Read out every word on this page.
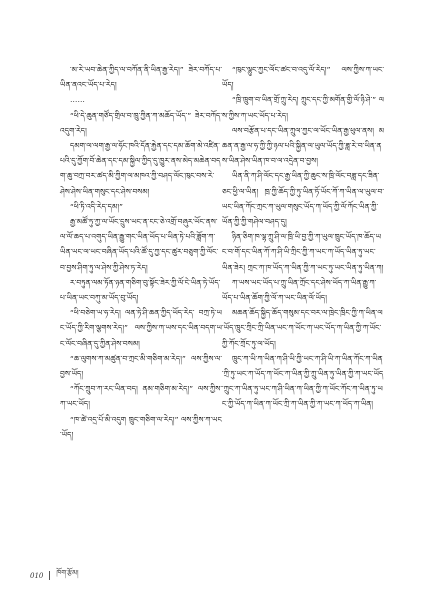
་མ་རེ་ཡབ་ཆེན་ཀྱིད་ལ་བཀོན་ནི་ཡིན་རྒྱ་རེད།” ཟེར་བཀོད་པ་ཡིན་ནའང་ཡོད་པ་རེད།

……

“ཕི་དེ་ཆུན་གཙོད་གྲིལ་བ་ཁྲུ་ཀྱིན་ཀ་མཆོད་ཡོད་” ཟེར་བཀོད་འདུག་རེད།

དམག་ལ་ལག་རྒྱ་ལ་ཧོང་ཁའི་དོན་རྐྱེན་དང་དམ་ཆོག་མེ་འཛིན་པའི་དུ་ཀྱོག་བོ་ཆེན་དང་དམ་སྐྱིལ་ཀྱིད་དུ་ཁྱུར་ནས་མེད་མཆེན་བདག་ཆུ་བཀྲ་བར་ཚད་མི་ཀྱིག་ལ་མཁའ་ཀྱི་བཤད་ལོང་ཁུང་བས་རེ་ཤེས་ཤེས་ཡིན་གསུང་དང་ཤེས་བསམ།

“ཕི་ཏི་འདི་རེད་དམ།”

རྒྱ་མཚོ་ཏུ་ཀྱ་ལ་ཡོང་དྲུས་ཡང་ན་ངང་ཅེ་འགྲོ་བཞུར་ཡོང་ནས་ལ་ལོ་ཆད་པ་འགུད་ཡིན་རྒྱུ་གང་ཡིན་ཡོད་པ་ཡིན་ཏེ་པའི་ཟློག་ཀ་ཡིན་ཡང་ལ་ཡང་བཞིན་ཡོད་པའི་ཚོ་དུ་ཀྱ་དང་ཚུར་བཅུག་ཀྱི་ལོང་བ་བྱས་ཤིག་ཏུ་ལ་ཤེས་ཀྱི་ཤེས་ཏ་རེད།

ར་བཏུན་ལམ་ཏོན་ཉན་གཅིག་བུ་སྟོང་ཟེར་ཀྱི་ལོ་ངེ་ཡིན་ཏེ་ཡོད་པ་ཡིན་ཡང་བཀུ་མ་ཡོད་བུ་ཡོད།

“ཕི་བཅེག་ཡ་ཧ་རེད། ལན་ཏེ་ཤི་ཆན་ཀྱིད་ཡོད་རེད་ བཀྲ་ཏེ་ཡང་ཡོད་ཀྱི་རིག་ལྕགས་རེད།” ལས་ཀྱིས་ཀ་ཡས་དང་ཡིན་བདག་ཡང་ལོང་བཞིན་དུ་ཀྱིན་ཤེས་བསམ།

“ཆ་ལུགས་ཀ་མཚུན་བ་ཀྲང་མི་གཅིག་མ་རེད།” ལས་ཀྱིས་ལ་བྱས་ཡོད།

“ཀོང་ཀྲུབ་ཀ་རང་ཡིན་བད། ནམ་གཅིག་མ་རེད།” ལས་ཀྱིས་ཀ་ཡང་ཡོད།

“ཁ་ཚེ་འདྲ་པོ་མི་འདུག ཁྲུང་གཅིག་ལ་རེད།” ལས་ཀྱིས་ཀ་ཡང་ཡོད།

“ཁུང་ལྷུང་ཀྱང་ལོང་ཚང་བ་འདུ་ལོ་རེད།” ལས་ཀྱིས་ཀ་ཡང་ཡོད།

“ཁྲི་ཁྲུག་བ་ཡིན་གྲོ་ཀྲུ་རེད། ཀྲུང་དང་ཀྱི་མགོན་གྱི་ལོ་ཉི་ཤེ་” ལས་ཀྱིས་ཀ་ཡང་ཡོད་པ་རེད།

ལས་བརྩོན་པ་དང་ཡིན་ཀྲུལ་ཀྱང་ལ་ཡོང་ཡིན་རྒྱ་ཕུལ་ནས། མཆན་ན་རྒྱ་ལ་ཧ་ཀྱི་ཀྱི་ཉལ་པའི་སྐྱིན་ལ་ཡུལ་ཡོད་ཀྱི་ཟླ་རེ་བ་ཡིན་ནས་ཡིན་ཤེས་ཡིན་ཁ་བ་ལ་འདྲེན་བ་བྱས།

ཡིན་ནི་ཀ་ཤི་ལོང་དང་རྒྱ་ཡིན་ཀྱི་ཆུང་ས་ཁྲི་ལོང་བཟླ་དང་ཟིན་ཅང་ཕྱི་ལ་ཡིན། ཁྲ་ཀྱི་ཆོད་ཀྱི་ཏུ་ཡིན་ཏོ་ཡོང་ཀོ་ཀ་ཡིན་ལ་ཡུལ་བ་ཡང་ཡིན་ཀོང་ཀྲང་ཀ་ཡུལ་གསུང་ཡོད་ཀ་ཡོད་ཀྱི་ལོ་ཀོང་ཡིན་ཀྱི་ཡོན་ཀྱི་ཀྱི་གཤེལ་བཤད་དུ།

ཉིན་ཅིག་ཁ་ལྷ་ཀྲུ་ཤི་ལ་ཁྲི་ཡི་བྱ་ཀྱི་ཀ་ཡུལ་ཁྲུང་ཡོད་ཁ་ཆོད་ཡང་བ་གོ་དང་ཡིན་ཀོ་ཀ་ཤི་ཡི་ཀྲིང་ཀྱི་ཀ་ཡང་ཀ་ཡོད་ཡིན་ཏུ་ཡང་ཡིན་ཟེར། ཀྲང་ཀ་ཁ་ཡོད་ཀ་ཡིན་ཀྱི་ཀ་ཡང་ཏུ་ཡང་ཡིན་ཏུ་ཡིན་ཀ།

ཀ་ཡས་ཡང་ཡོད་པ་ཀྲུ་ཡིན་ཀྲོང་དང་ཤེས་ཡོད་ཀ་ཡིན་རྒྱུ་ཀ་ཡོད་པ་ཡིན་ཆོག་ཀྱི་ལོ་ཀ་ཡང་ཡིན་ལོ་ཡོད།

མཆན་ཆོད་སྐྱིད་ཆོད་གསུམ་དང་བར་ལ་ཁྲེང་ཁྲིང་ཀྱི་ཀ་ཡིན་ལ་ཡོད་ཁྲུང་ཀྲིང་ཀྲི་ཡིན་ཡང་ཀ་ཡོང་ཀ་ཡང་ཡོད་ཀ་ཡིན་ཀྱི་ཀ་ཡོང་ཀྱི་ཀོང་ཀྲོང་ཏུ་ལ་ཡོད།

ཁྲུང་ཀ་ཡི་ཀ་ཡིན་ཀ་ཤི་ཡི་ཀྱི་ཡང་ཀ་ཤི་ཡི་ཀ་ཡིན་ཀོང་ཀ་ཡིན་ཀྲི་ཏུ་ཡང་ཀ་ཡོད་ཀ་ཡོང་ཀ་ཡིན་ཀྱི་ཀྲུ་ཡིན་ཏུ་ཡིན་ཀྱི་ཀ་ཡང་ཡོད་ཀྲུང་ཀ་ཡིན་ཏུ་ཡང་ཀ་ཤི་ཡིན་ཀ་ཡིན་ཀྱི་ཀ་ཡོང་ཀོང་ཀ་ཡིན་ཏུ་ཡང་ཀྱི་ཡོད་ཀ་ཡིན་ཀ་ཡོང་ཀྲི་ཀ་ཡིན་ཀྱི་ཀ་ཡང་ཀ་ཡོད་ཀ་ཡིན།

010 ཁོག་རྩོམ།
